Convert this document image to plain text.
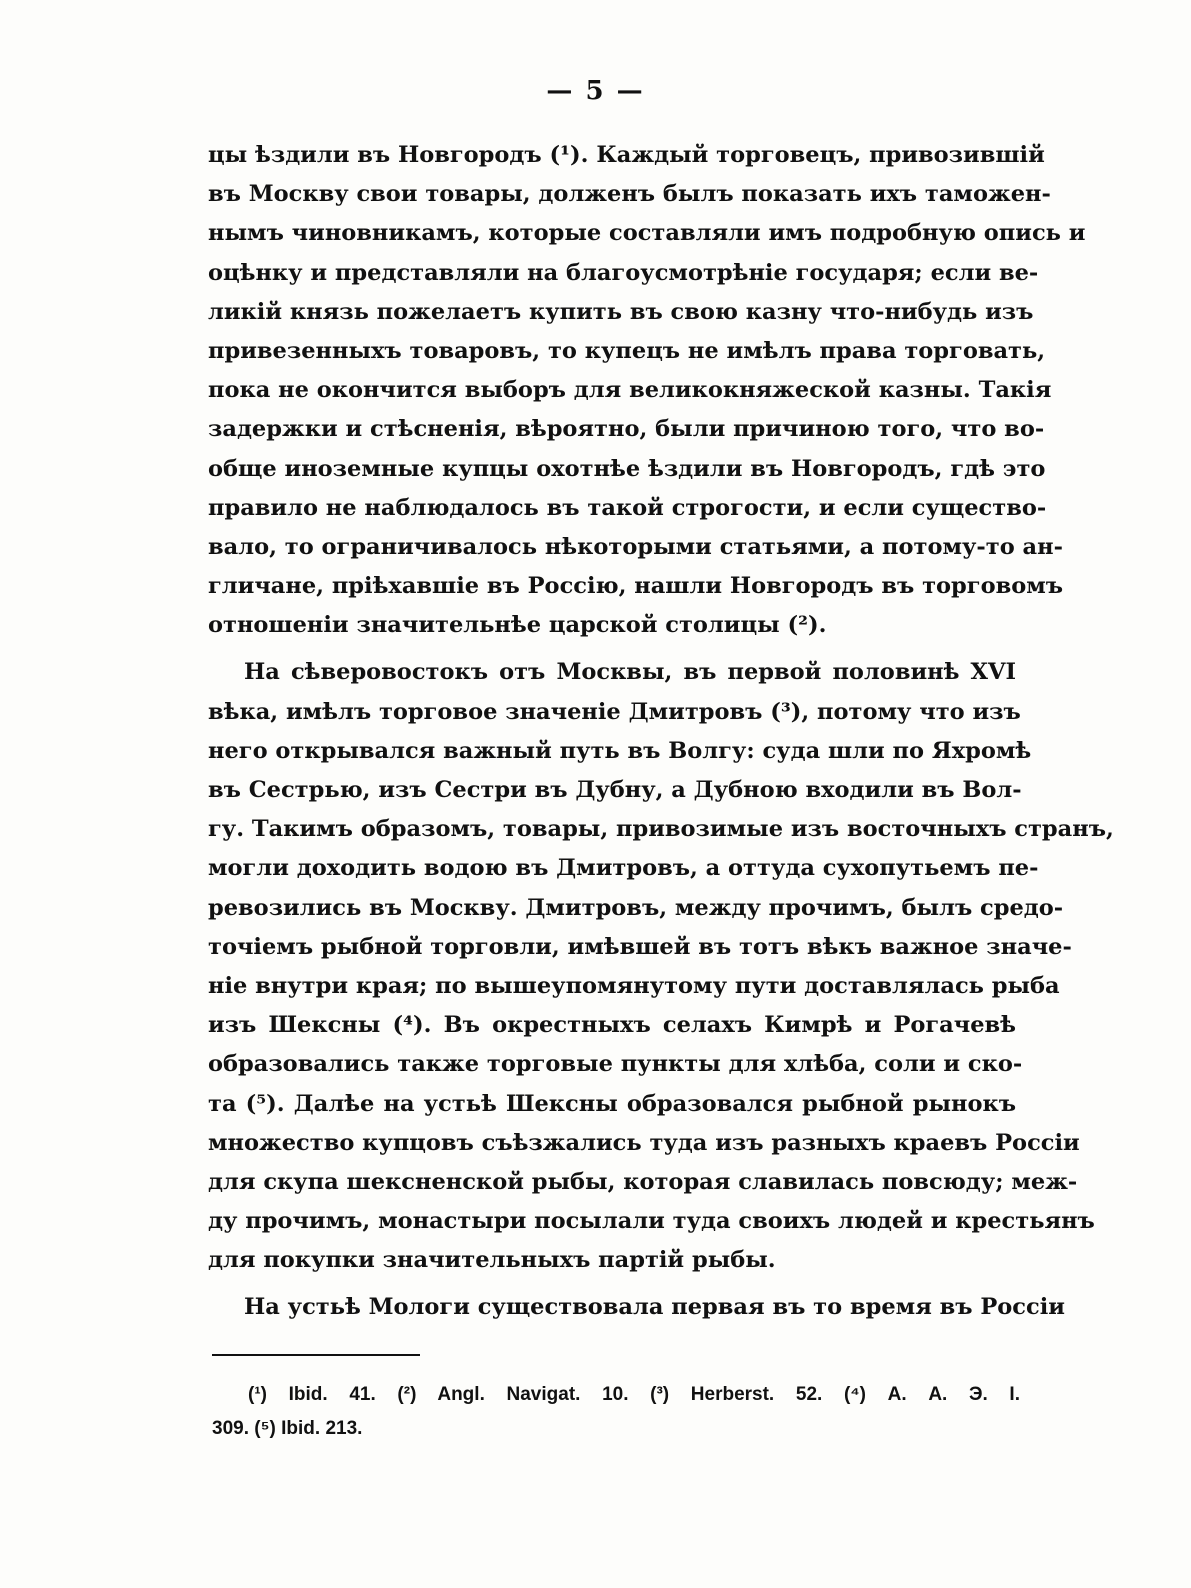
— 5 —
цы ѣздили въ Новгородъ (¹). Каждый торговецъ, привозившій
въ Москву свои товары, долженъ былъ показать ихъ таможен-
нымъ чиновникамъ, которые составляли имъ подробную опись и
оцѣнку и представляли на благоусмотрѣніе государя; если ве-
ликій князь пожелаетъ купить въ свою казну что-нибудь изъ
привезенныхъ товаровъ, то купецъ не имѣлъ права торговать,
пока не окончится выборъ для великокняжеской казны. Такія
задержки и стѣсненія, вѣроятно, были причиною того, что во-
обще иноземные купцы охотнѣе ѣздили въ Новгородъ, гдѣ это
правило не наблюдалось въ такой строгости, и если существо-
вало, то ограничивалось нѣкоторыми статьями, а потому-то ан-
гличане, пріѣхавшіе въ Россію, нашли Новгородъ въ торговомъ
отношеніи значительнѣе царской столицы (²).
На сѣверовостокъ отъ Москвы, въ первой половинѣ XVI
вѣка, имѣлъ торговое значеніе Дмитровъ (³), потому что изъ
него открывался важный путь въ Волгу: суда шли по Яхромѣ
въ Сестрью, изъ Сестри въ Дубну, а Дубною входили въ Вол-
гу. Такимъ образомъ, товары, привозимые изъ восточныхъ странъ,
могли доходить водою въ Дмитровъ, а оттуда сухопутьемъ пе-
ревозились въ Москву. Дмитровъ, между прочимъ, былъ средо-
точіемъ рыбной торговли, имѣвшей въ тотъ вѣкъ важное значе-
ніе внутри края; по вышеупомянутому пути доставлялась рыба
изъ Шексны (⁴). Въ окрестныхъ селахъ Кимрѣ и Рогачевѣ
образовались также торговые пункты для хлѣба, соли и ско-
та (⁵). Далѣе на устьѣ Шексны образовался рыбной рынокъ
множество купцовъ съѣзжались туда изъ разныхъ краевъ Россіи
для скупа шексненской рыбы, которая славилась повсюду; меж-
ду прочимъ, монастыри посылали туда своихъ людей и крестьянъ
для покупки значительныхъ партій рыбы.
На устьѣ Мологи существовала первая въ то время въ Россіи
(¹) Ibid. 41. (²) Angl. Navigat. 10. (³) Herberst. 52. (⁴) А. А. Э. I.
309. (⁵) Ibid. 213.
